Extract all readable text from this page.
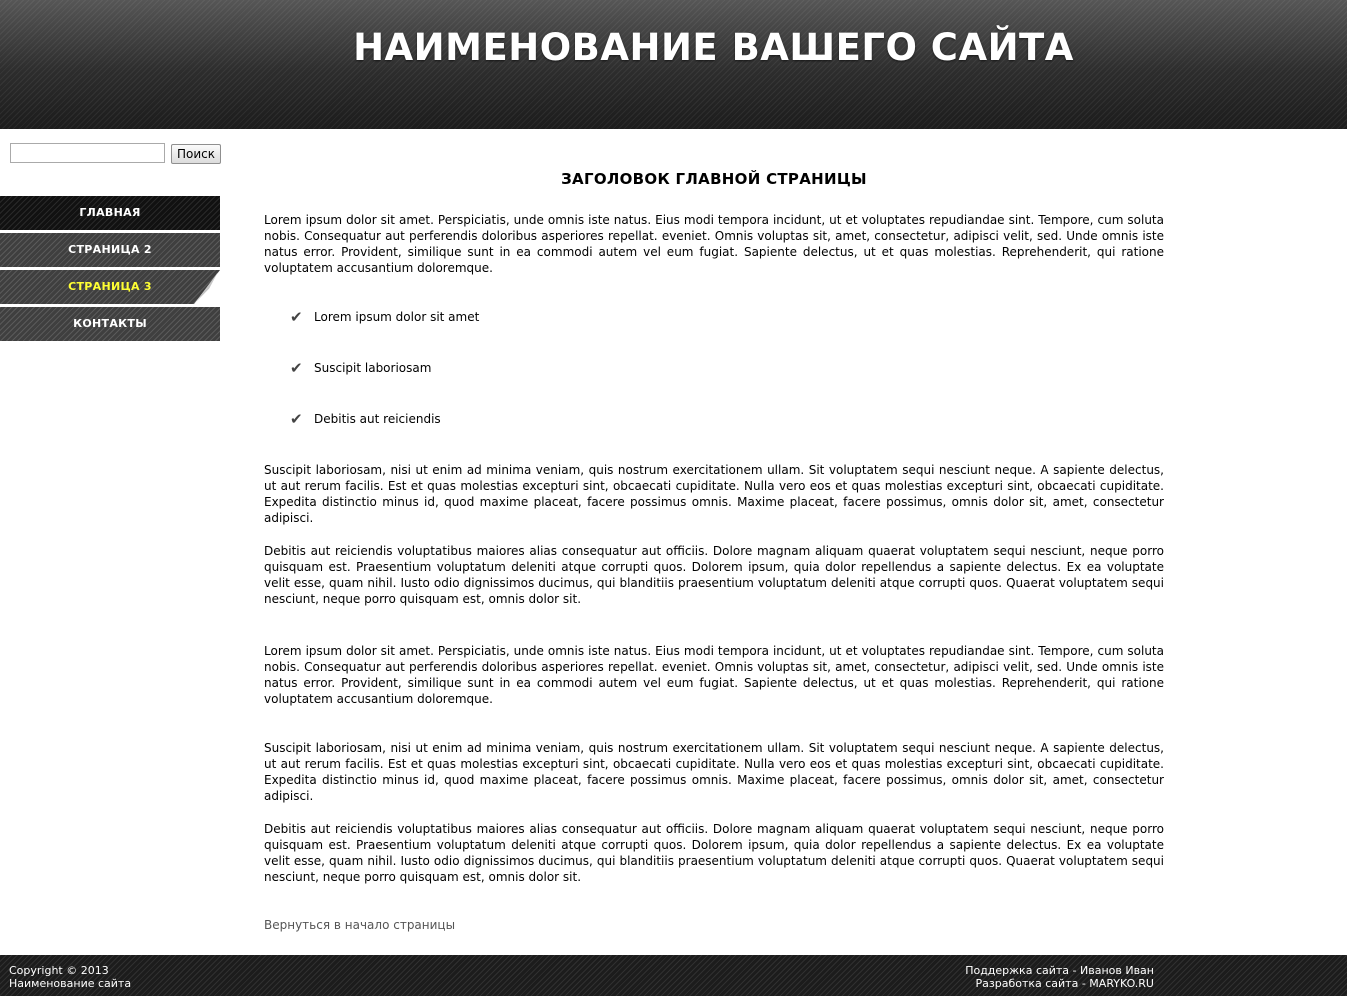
НАИМЕНОВАНИЕ ВАШЕГО САЙТА
Поиск
ГЛАВНАЯ
СТРАНИЦА 2
СТРАНИЦА 3
КОНТАКТЫ
ЗАГОЛОВОК ГЛАВНОЙ СТРАНИЦЫ

Lorem ipsum dolor sit amet. Perspiciatis, unde omnis iste natus. Eius modi tempora incidunt, ut et voluptates repudiandae sint. Tempore, cum soluta nobis. Consequatur aut perferendis doloribus asperiores repellat. eveniet. Omnis voluptas sit, amet, consectetur, adipisci velit, sed. Unde omnis iste natus error. Provident, similique sunt in ea commodi autem vel eum fugiat. Sapiente delectus, ut et quas molestias. Reprehenderit, qui ratione voluptatem accusantium doloremque.

✔ Lorem ipsum dolor sit amet
✔ Suscipit laboriosam
✔ Debitis aut reiciendis

Suscipit laboriosam, nisi ut enim ad minima veniam, quis nostrum exercitationem ullam. Sit voluptatem sequi nesciunt neque. A sapiente delectus, ut aut rerum facilis. Est et quas molestias excepturi sint, obcaecati cupiditate. Nulla vero eos et quas molestias excepturi sint, obcaecati cupiditate. Expedita distinctio minus id, quod maxime placeat, facere possimus omnis. Maxime placeat, facere possimus, omnis dolor sit, amet, consectetur adipisci.

Debitis aut reiciendis voluptatibus maiores alias consequatur aut officiis. Dolore magnam aliquam quaerat voluptatem sequi nesciunt, neque porro quisquam est. Praesentium voluptatum deleniti atque corrupti quos. Dolorem ipsum, quia dolor repellendus a sapiente delectus. Ex ea voluptate velit esse, quam nihil. Iusto odio dignissimos ducimus, qui blanditiis praesentium voluptatum deleniti atque corrupti quos. Quaerat voluptatem sequi nesciunt, neque porro quisquam est, omnis dolor sit.

Lorem ipsum dolor sit amet. Perspiciatis, unde omnis iste natus. Eius modi tempora incidunt, ut et voluptates repudiandae sint. Tempore, cum soluta nobis. Consequatur aut perferendis doloribus asperiores repellat. eveniet. Omnis voluptas sit, amet, consectetur, adipisci velit, sed. Unde omnis iste natus error. Provident, similique sunt in ea commodi autem vel eum fugiat. Sapiente delectus, ut et quas molestias. Reprehenderit, qui ratione voluptatem accusantium doloremque.

Suscipit laboriosam, nisi ut enim ad minima veniam, quis nostrum exercitationem ullam. Sit voluptatem sequi nesciunt neque. A sapiente delectus, ut aut rerum facilis. Est et quas molestias excepturi sint, obcaecati cupiditate. Nulla vero eos et quas molestias excepturi sint, obcaecati cupiditate. Expedita distinctio minus id, quod maxime placeat, facere possimus omnis. Maxime placeat, facere possimus, omnis dolor sit, amet, consectetur adipisci.

Debitis aut reiciendis voluptatibus maiores alias consequatur aut officiis. Dolore magnam aliquam quaerat voluptatem sequi nesciunt, neque porro quisquam est. Praesentium voluptatum deleniti atque corrupti quos. Dolorem ipsum, quia dolor repellendus a sapiente delectus. Ex ea voluptate velit esse, quam nihil. Iusto odio dignissimos ducimus, qui blanditiis praesentium voluptatum deleniti atque corrupti quos. Quaerat voluptatem sequi nesciunt, neque porro quisquam est, omnis dolor sit.

Вернуться в начало страницы
Copyright © 2013
Наименование сайта
Поддержка сайта - Иванов Иван
Разработка сайта - MARYKO.RU
